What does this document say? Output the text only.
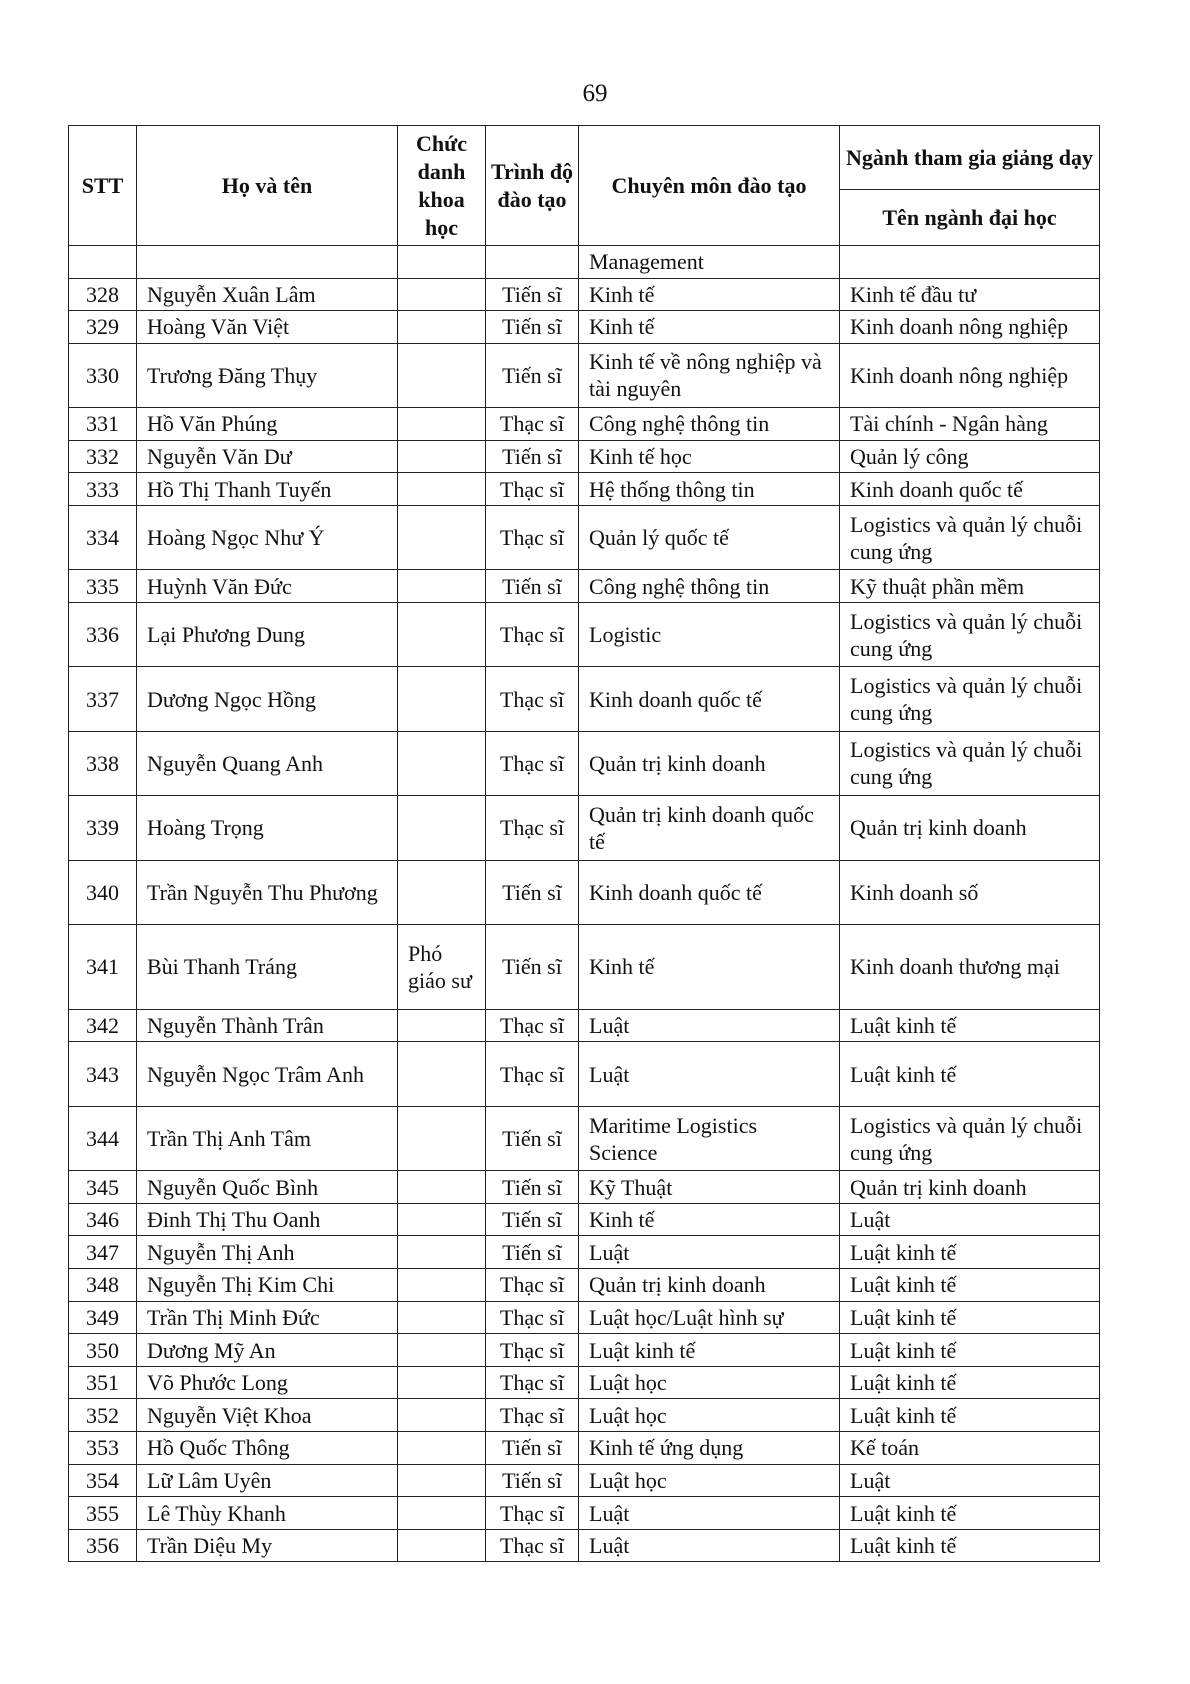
69
STT	Họ và tên	Chức danh khoa học	Trình độ đào tạo	Chuyên môn đào tạo	Ngành tham gia giảng dạy
					Tên ngành đại học
				Management	
328	Nguyễn Xuân Lâm		Tiến sĩ	Kinh tế	Kinh tế đầu tư
329	Hoàng Văn Việt		Tiến sĩ	Kinh tế	Kinh doanh nông nghiệp
330	Trương Đăng Thụy		Tiến sĩ	Kinh tế về nông nghiệp và tài nguyên	Kinh doanh nông nghiệp
331	Hồ Văn Phúng		Thạc sĩ	Công nghệ thông tin	Tài chính - Ngân hàng
332	Nguyễn Văn Dư		Tiến sĩ	Kinh tế học	Quản lý công
333	Hồ Thị Thanh Tuyến		Thạc sĩ	Hệ thống thông tin	Kinh doanh quốc tế
334	Hoàng Ngọc Như Ý		Thạc sĩ	Quản lý quốc tế	Logistics và quản lý chuỗi cung ứng
335	Huỳnh Văn Đức		Tiến sĩ	Công nghệ thông tin	Kỹ thuật phần mềm
336	Lại Phương Dung		Thạc sĩ	Logistic	Logistics và quản lý chuỗi cung ứng
337	Dương Ngọc Hồng		Thạc sĩ	Kinh doanh quốc tế	Logistics và quản lý chuỗi cung ứng
338	Nguyễn Quang Anh		Thạc sĩ	Quản trị kinh doanh	Logistics và quản lý chuỗi cung ứng
339	Hoàng Trọng		Thạc sĩ	Quản trị kinh doanh quốc tế	Quản trị kinh doanh
340	Trần Nguyễn Thu Phương		Tiến sĩ	Kinh doanh quốc tế	Kinh doanh số
341	Bùi Thanh Tráng	Phó giáo sư	Tiến sĩ	Kinh tế	Kinh doanh thương mại
342	Nguyễn Thành Trân		Thạc sĩ	Luật	Luật kinh tế
343	Nguyễn Ngọc Trâm Anh		Thạc sĩ	Luật	Luật kinh tế
344	Trần Thị Anh Tâm		Tiến sĩ	Maritime Logistics Science	Logistics và quản lý chuỗi cung ứng
345	Nguyễn Quốc Bình		Tiến sĩ	Kỹ Thuật	Quản trị kinh doanh
346	Đinh Thị Thu Oanh		Tiến sĩ	Kinh tế	Luật
347	Nguyễn Thị Anh		Tiến sĩ	Luật	Luật kinh tế
348	Nguyễn Thị Kim Chi		Thạc sĩ	Quản trị kinh doanh	Luật kinh tế
349	Trần Thị Minh Đức		Thạc sĩ	Luật học/Luật hình sự	Luật kinh tế
350	Dương Mỹ An		Thạc sĩ	Luật kinh tế	Luật kinh tế
351	Võ Phước Long		Thạc sĩ	Luật học	Luật kinh tế
352	Nguyễn Việt Khoa		Thạc sĩ	Luật học	Luật kinh tế
353	Hồ Quốc Thông		Tiến sĩ	Kinh tế ứng dụng	Kế toán
354	Lữ Lâm Uyên		Tiến sĩ	Luật học	Luật
355	Lê Thùy Khanh		Thạc sĩ	Luật	Luật kinh tế
356	Trần Diệu My		Thạc sĩ	Luật	Luật kinh tế
